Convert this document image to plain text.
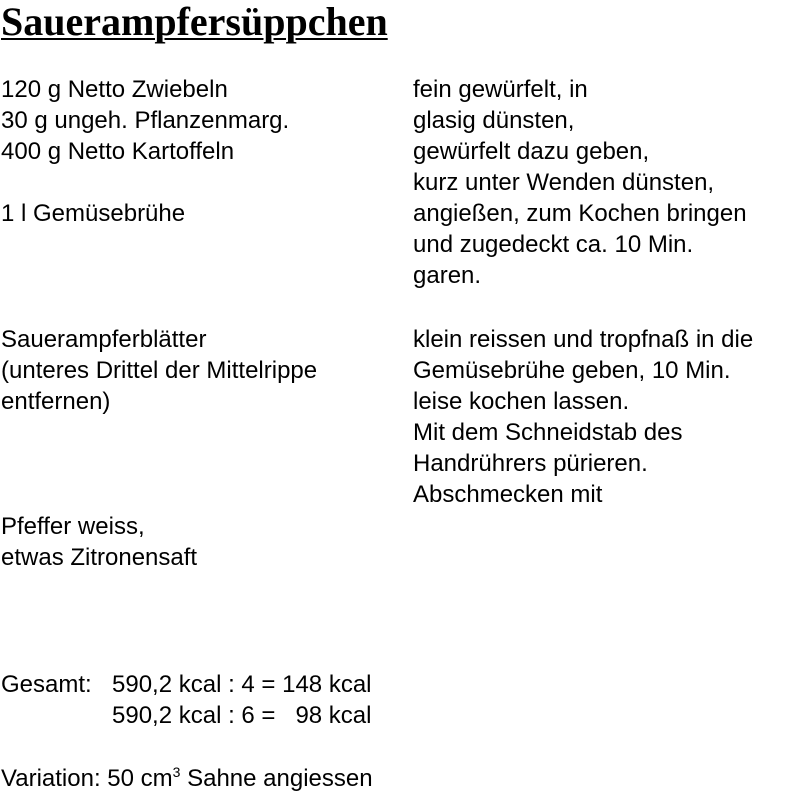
Sauerampfersüppchen
120 g Netto Zwiebeln
30 g ungeh. Pflanzenmarg.
400 g Netto Kartoffeln
fein gewürfelt, in
glasig dünsten,
gewürfelt dazu geben,
kurz unter Wenden dünsten,
1 l Gemüsebrühe	angießen, zum Kochen bringen
und zugedeckt ca. 10 Min.
garen.
Sauerampferblätter
(unteres Drittel der Mittelrippe
entfernen)
klein reissen und tropfnaß in die
Gemüsebrühe geben, 10 Min.
leise kochen lassen.
Mit dem Schneidstab des
Handrührers pürieren.
Abschmecken mit
Pfeffer weiss,
etwas Zitronensaft
Gesamt: 590,2 kcal : 4 = 148 kcal
590,2 kcal : 6 =   98 kcal
Variation: 50 $cm^3$ Sahne angiessen
